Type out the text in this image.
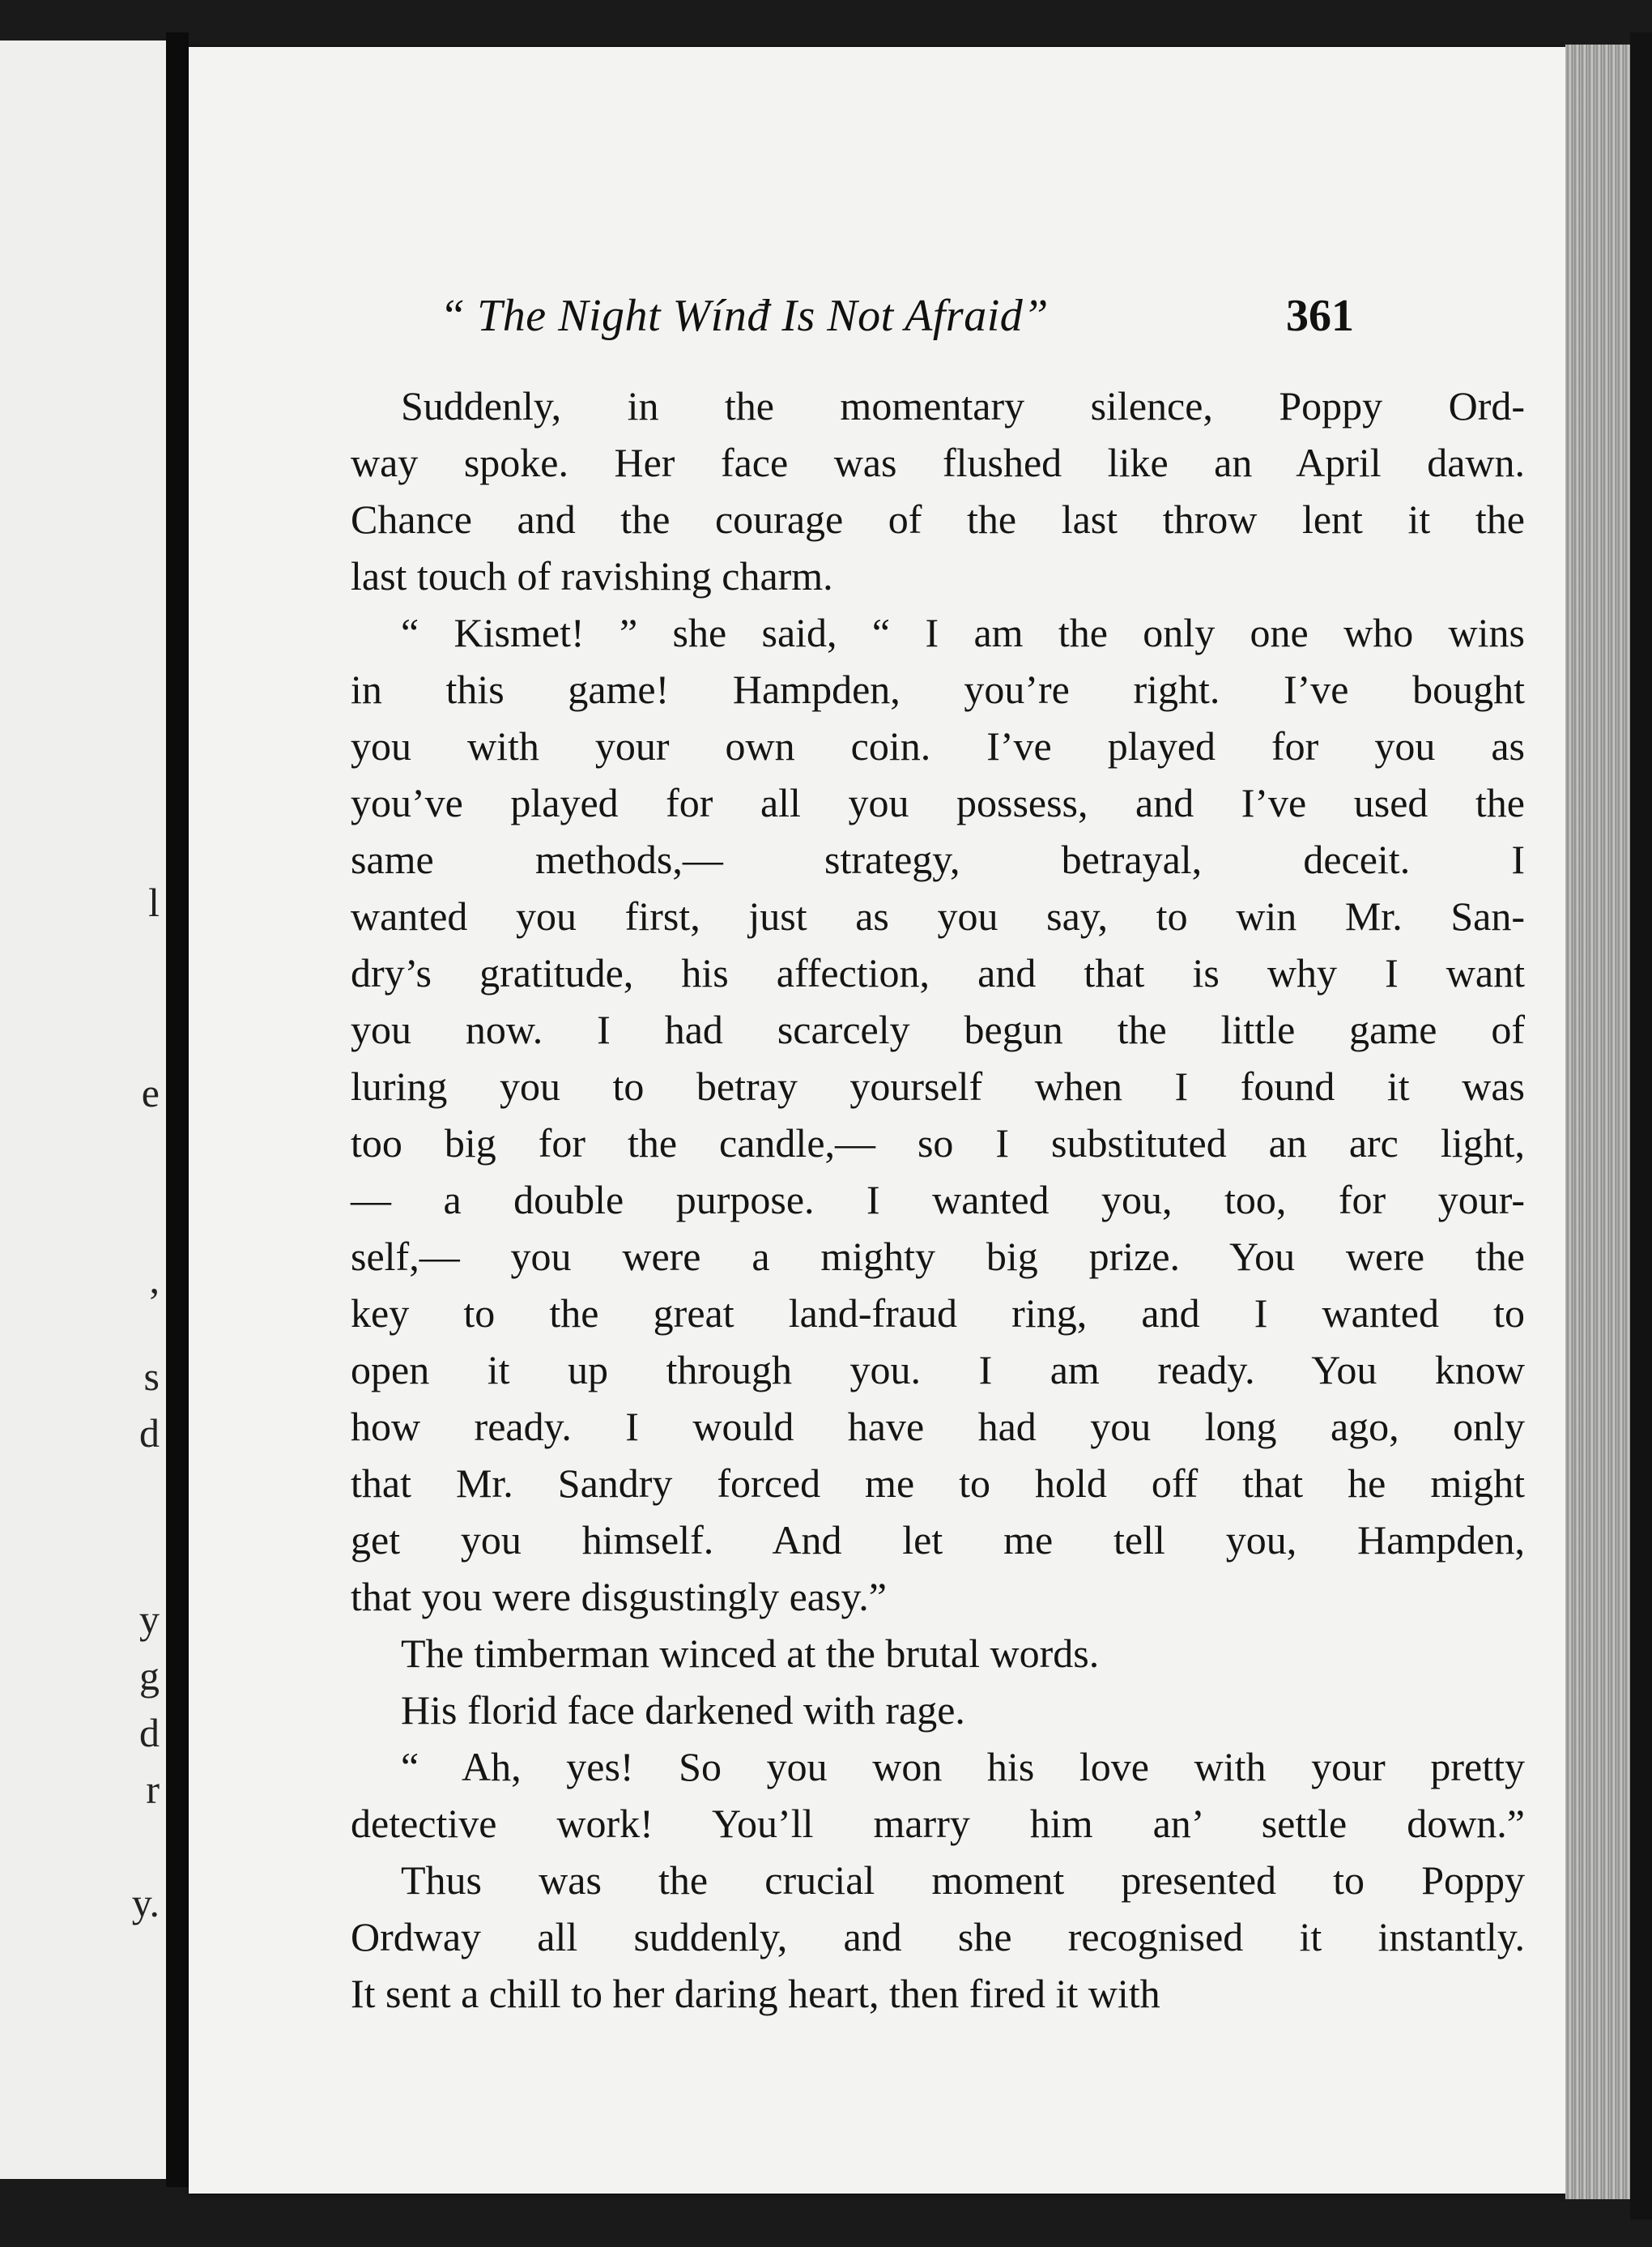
l
e
,
s
d
y
g
d
r
y.
“ The Night Wínđ Is Not Afraid”	361
Suddenly, in the momentary silence, Poppy Ord-
way spoke. Her face was flushed like an April dawn.
Chance and the courage of the last throw lent it the
last touch of ravishing charm.
“ Kismet! ” she said, “ I am the only one who wins
in this game! Hampden, you’re right. I’ve bought
you with your own coin. I’ve played for you as
you’ve played for all you possess, and I’ve used the
same methods,— strategy, betrayal, deceit. I
wanted you first, just as you say, to win Mr. San-
dry’s gratitude, his affection, and that is why I want
you now. I had scarcely begun the little game of
luring you to betray yourself when I found it was
too big for the candle,— so I substituted an arc light,
— a double purpose. I wanted you, too, for your-
self,— you were a mighty big prize. You were the
key to the great land-fraud ring, and I wanted to
open it up through you. I am ready. You know
how ready. I would have had you long ago, only
that Mr. Sandry forced me to hold off that he might
get you himself. And let me tell you, Hampden,
that you were disgustingly easy.”
The timberman winced at the brutal words.
His florid face darkened with rage.
“ Ah, yes! So you won his love with your pretty
detective work! You’ll marry him an’ settle down.”
Thus was the crucial moment presented to Poppy
Ordway all suddenly, and she recognised it instantly.
It sent a chill to her daring heart, then fired it with
